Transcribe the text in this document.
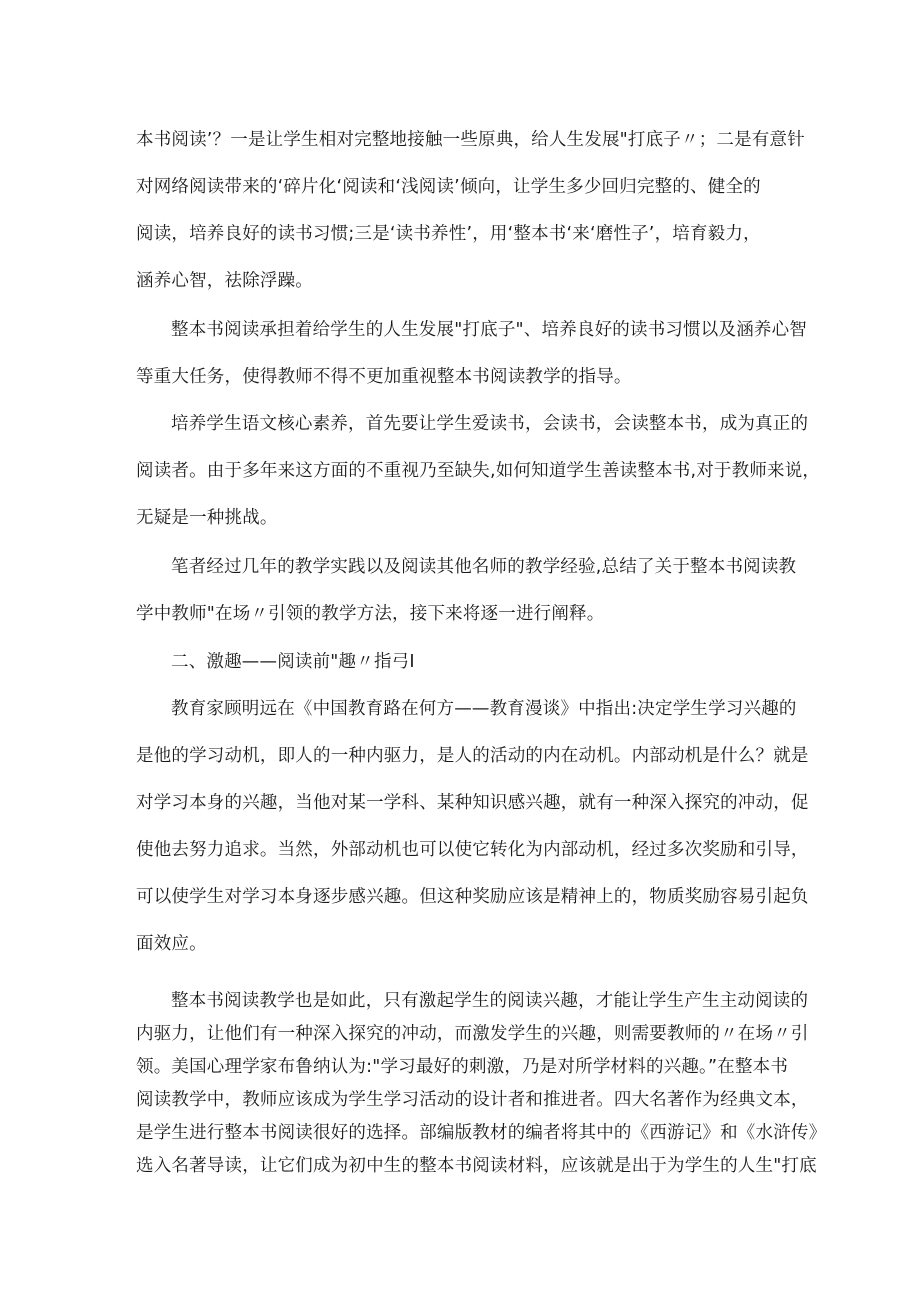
本书阅读’？一是让学生相对完整地接触一些原典，给人生发展"打底子〃；二是有意针
对网络阅读带来的‘碎片化‘阅读和‘浅阅读’倾向，让学生多少回归完整的、健全的
阅读，培养良好的读书习惯;三是‘读书养性’，用‘整本书‘来‘磨性子’，培育毅力，
涵养心智，祛除浮躁。
整本书阅读承担着给学生的人生发展"打底子"、培养良好的读书习惯以及涵养心智
等重大任务，使得教师不得不更加重视整本书阅读教学的指导。
培养学生语文核心素养，首先要让学生爱读书，会读书，会读整本书，成为真正的
阅读者。由于多年来这方面的不重视乃至缺失,如何知道学生善读整本书,对于教师来说，
无疑是一种挑战。
笔者经过几年的教学实践以及阅读其他名师的教学经验,总结了关于整本书阅读教
学中教师"在场〃引领的教学方法，接下来将逐一进行阐释。
二、激趣——阅读前"趣〃指弓I
教育家顾明远在《中国教育路在何方——教育漫谈》中指出:决定学生学习兴趣的
是他的学习动机，即人的一种内驱力，是人的活动的内在动机。内部动机是什么？就是
对学习本身的兴趣，当他对某一学科、某种知识感兴趣，就有一种深入探究的冲动，促
使他去努力追求。当然，外部动机也可以使它转化为内部动机，经过多次奖励和引导，
可以使学生对学习本身逐步感兴趣。但这种奖励应该是精神上的，物质奖励容易引起负
面效应。
整本书阅读教学也是如此，只有激起学生的阅读兴趣，才能让学生产生主动阅读的
内驱力，让他们有一种深入探究的冲动，而激发学生的兴趣，则需要教师的〃在场〃引
领。美国心理学家布鲁纳认为:"学习最好的刺激，乃是对所学材料的兴趣。”在整本书
阅读教学中，教师应该成为学生学习活动的设计者和推进者。四大名著作为经典文本，
是学生进行整本书阅读很好的选择。部编版教材的编者将其中的《西游记》和《水浒传》
选入名著导读，让它们成为初中生的整本书阅读材料，应该就是出于为学生的人生"打底
